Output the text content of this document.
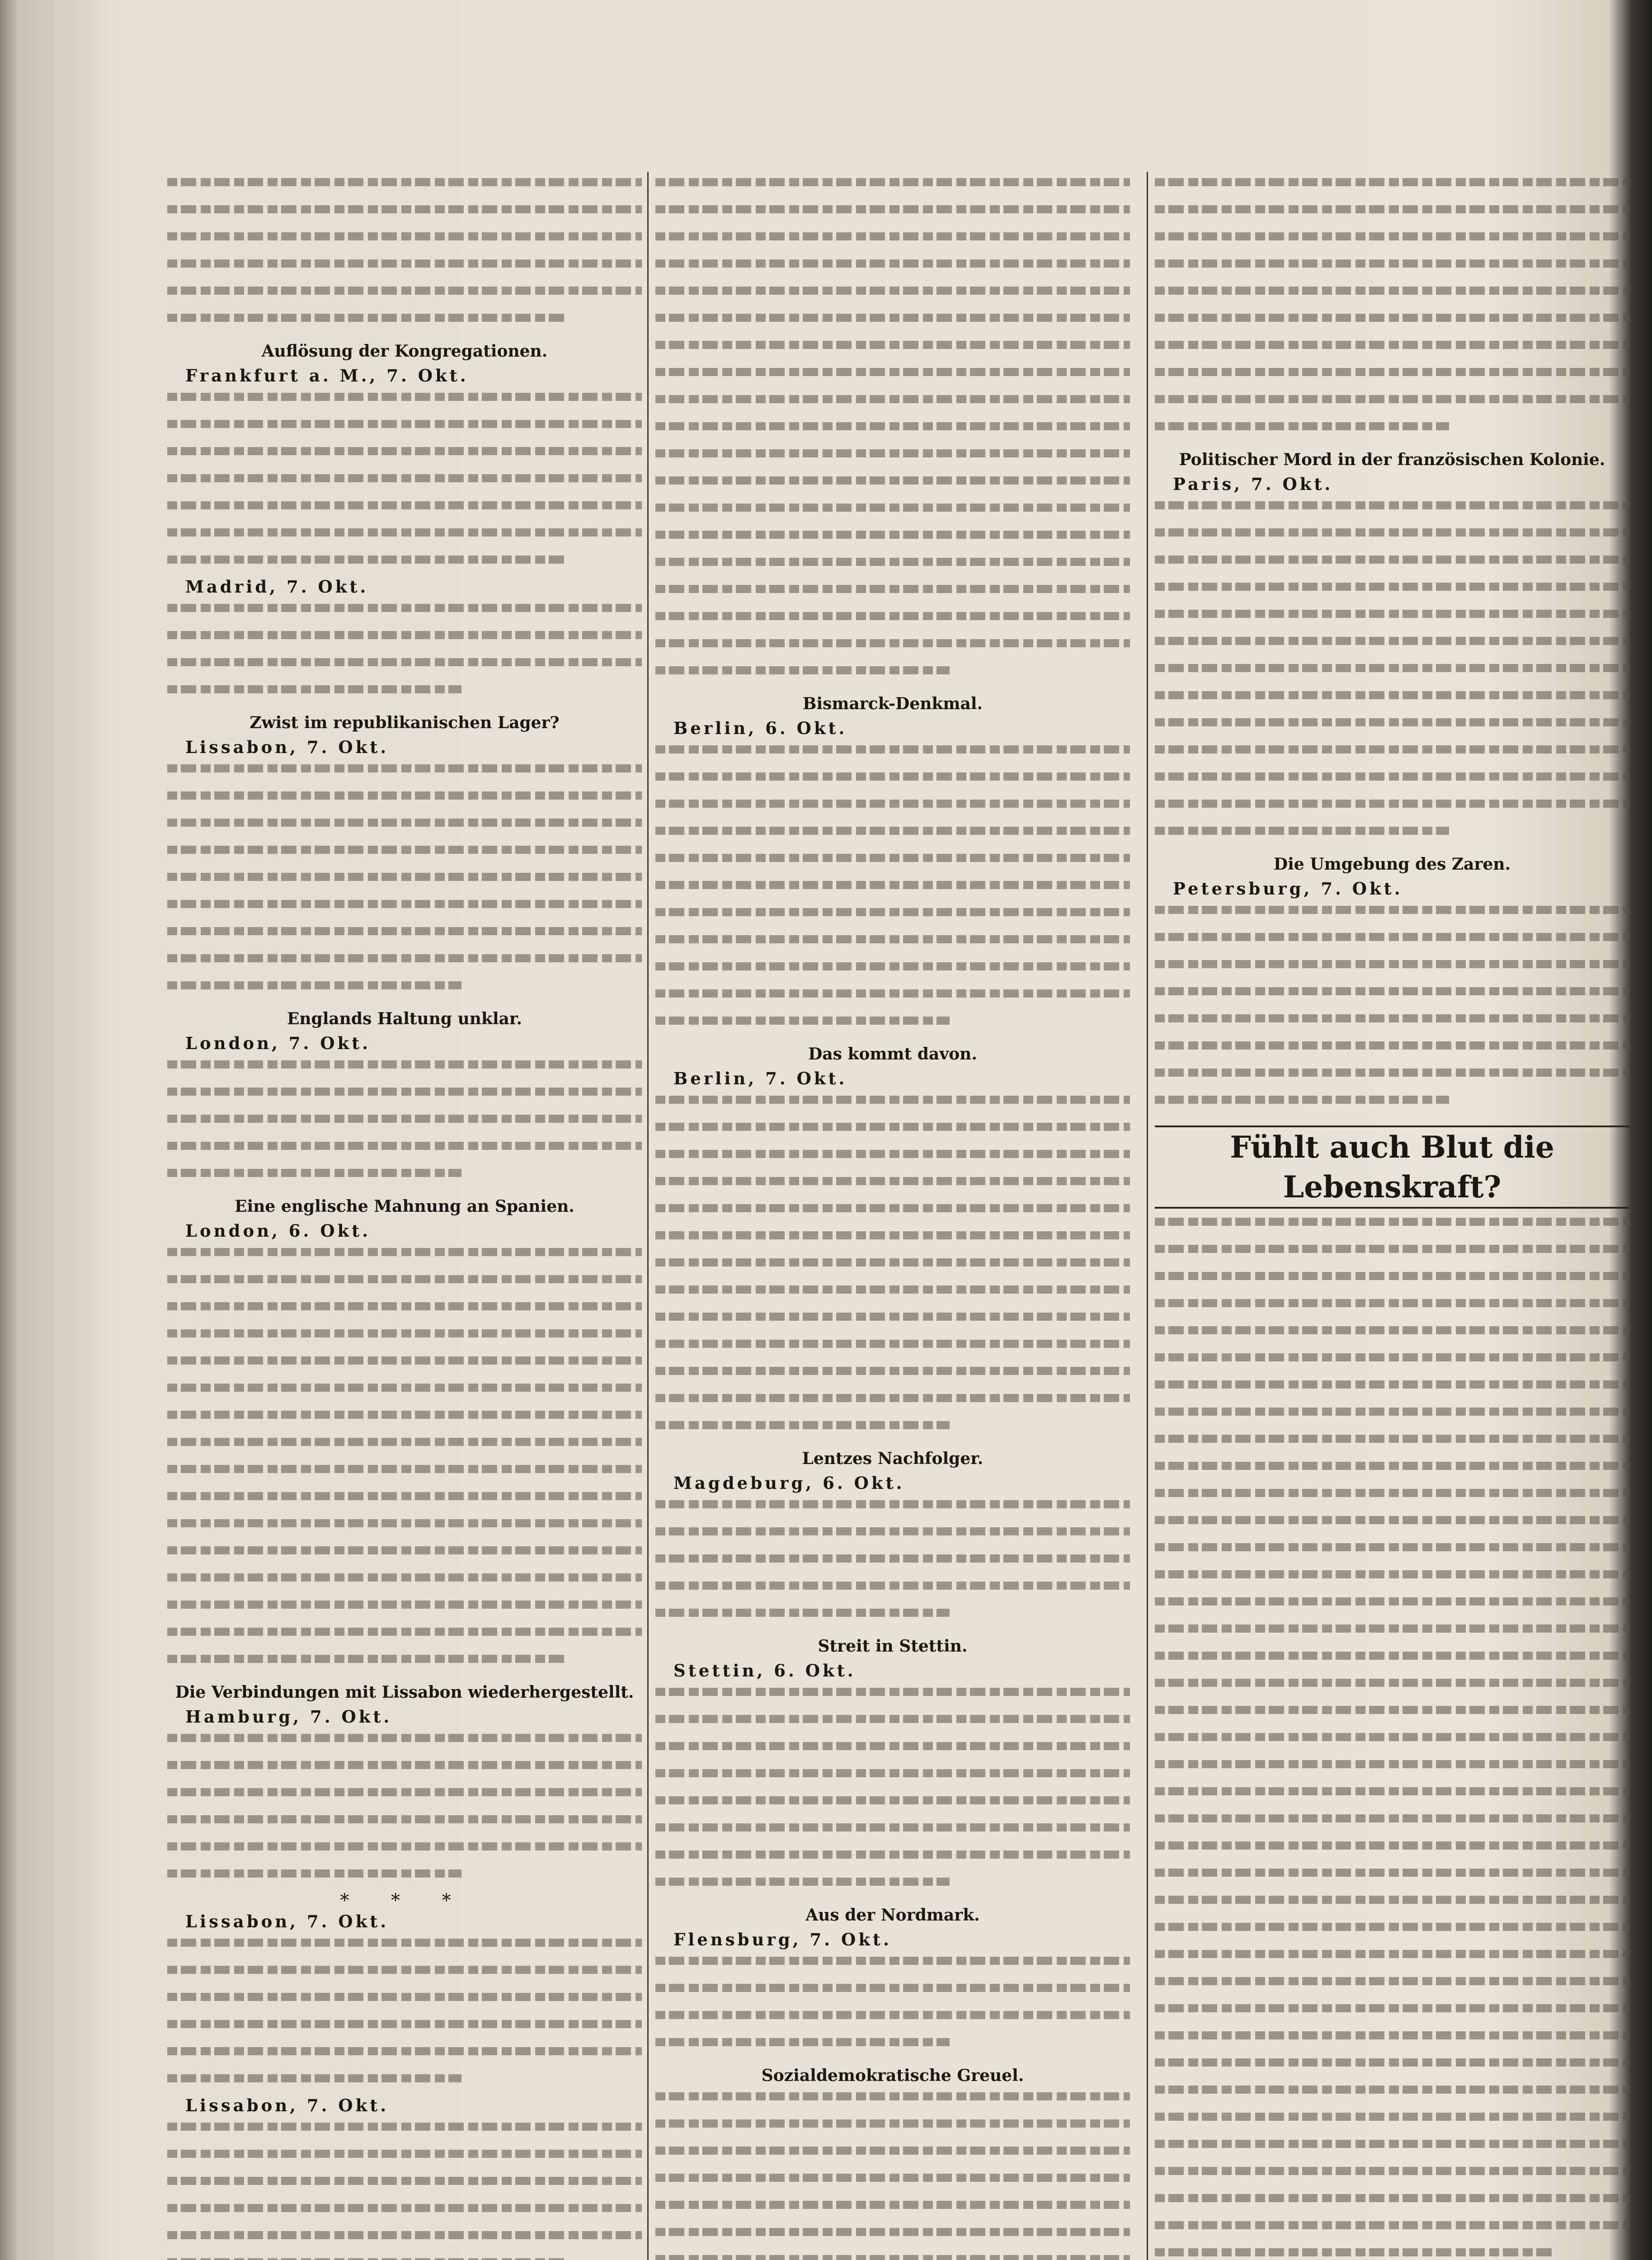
Auflösung der Kongregationen.

Frankfurt a. M., 7. Okt.

Madrid, 7. Okt.

Zwist im republikanischen Lager?

Lissabon, 7. Okt.

Englands Haltung unklar.

London, 7. Okt.

Eine englische Mahnung an Spanien.

London, 6. Okt.

Die Verbindungen mit Lissabon wiederhergestellt.

Hamburg, 7. Okt.

* * *

Lissabon, 7. Okt.

Lissabon, 7. Okt.

Bismarck-Denkmal.

Berlin, 6. Okt.

Das kommt davon.

Berlin, 7. Okt.

Lentzes Nachfolger.

Magdeburg, 6. Okt.

Streit in Stettin.

Stettin, 6. Okt.

Aus der Nordmark.

Flensburg, 7. Okt.

Sozialdemokratische Greuel.

Politischer Mord in der französischen Kolonie.

Paris, 7. Okt.

Die Umgebung des Zaren.

Petersburg, 7. Okt.

Fühlt auch Blut die Lebenskraft?
